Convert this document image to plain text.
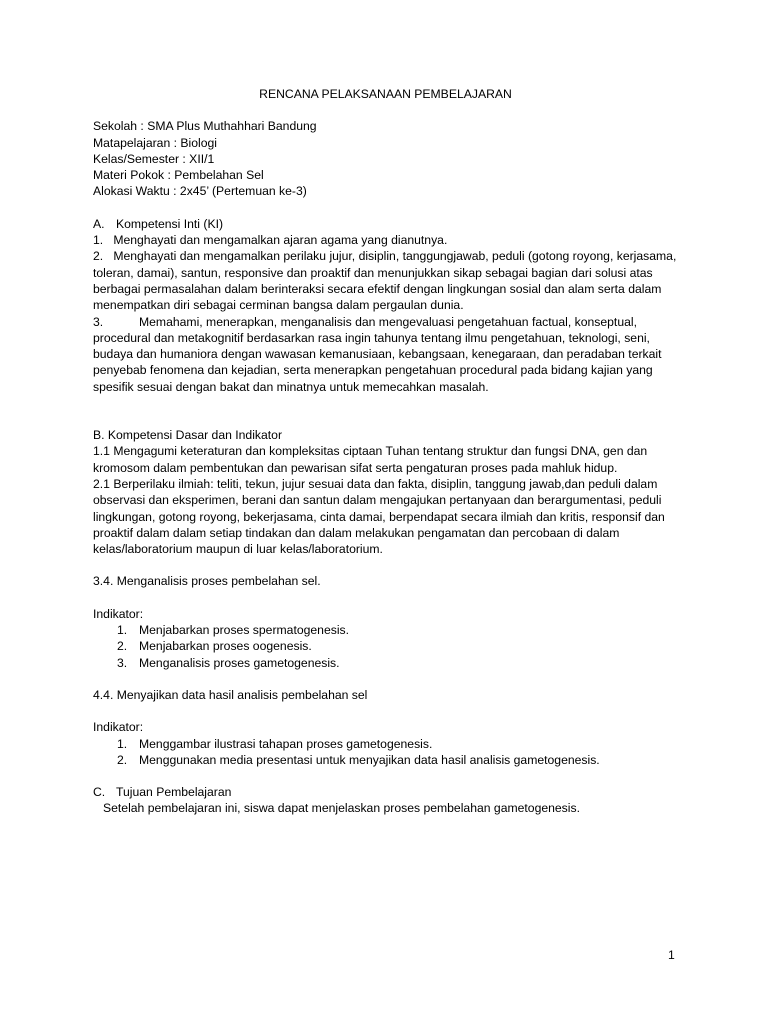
RENCANA PELAKSANAAN PEMBELAJARAN
Sekolah : SMA Plus Muthahhari Bandung
Matapelajaran : Biologi
Kelas/Semester : XII/1
Materi Pokok : Pembelahan Sel
Alokasi Waktu : 2x45’ (Pertemuan ke-3)
A. Kompetensi Inti (KI)

1.   Menghayati dan mengamalkan ajaran agama yang dianutnya.

2.   Menghayati dan mengamalkan perilaku jujur, disiplin, tanggungjawab, peduli (gotong royong, kerjasama, toleran, damai), santun, responsive dan proaktif dan menunjukkan sikap sebagai bagian dari solusi atas berbagai permasalahan dalam berinteraksi secara efektif dengan lingkungan sosial dan alam serta dalam menempatkan diri sebagai cerminan bangsa dalam pergaulan dunia.

3.	Memahami, menerapkan, menganalisis dan mengevaluasi pengetahuan factual, konseptual, procedural dan metakognitif berdasarkan rasa ingin tahunya tentang ilmu pengetahuan, teknologi, seni, budaya dan humaniora dengan wawasan kemanusiaan, kebangsaan, kenegaraan, dan peradaban terkait penyebab fenomena dan kejadian, serta menerapkan pengetahuan procedural pada bidang kajian yang spesifik sesuai dengan bakat dan minatnya untuk memecahkan masalah.

B. Kompetensi Dasar dan Indikator

1.1 Mengagumi keteraturan dan kompleksitas ciptaan Tuhan tentang struktur dan fungsi DNA, gen dan kromosom dalam pembentukan dan pewarisan sifat serta pengaturan proses pada mahluk hidup.

2.1 Berperilaku ilmiah: teliti, tekun, jujur sesuai data dan fakta, disiplin, tanggung jawab,dan peduli dalam observasi dan eksperimen, berani dan santun dalam mengajukan pertanyaan dan berargumentasi, peduli lingkungan, gotong royong, bekerjasama, cinta damai, berpendapat secara ilmiah dan kritis, responsif dan proaktif dalam dalam setiap tindakan dan dalam melakukan pengamatan dan percobaan di dalam kelas/laboratorium maupun di luar kelas/laboratorium.

3.4. Menganalisis proses pembelahan sel.
Indikator:
1. Menjabarkan proses spermatogenesis.
2. Menjabarkan proses oogenesis.
3. Menganalisis proses gametogenesis.
4.4. Menyajikan data hasil analisis pembelahan sel
Indikator:
1. Menggambar ilustrasi tahapan proses gametogenesis.
2. Menggunakan media presentasi untuk menyajikan data hasil analisis gametogenesis.
C. Tujuan Pembelajaran
Setelah pembelajaran ini, siswa dapat menjelaskan proses pembelahan gametogenesis.
1
